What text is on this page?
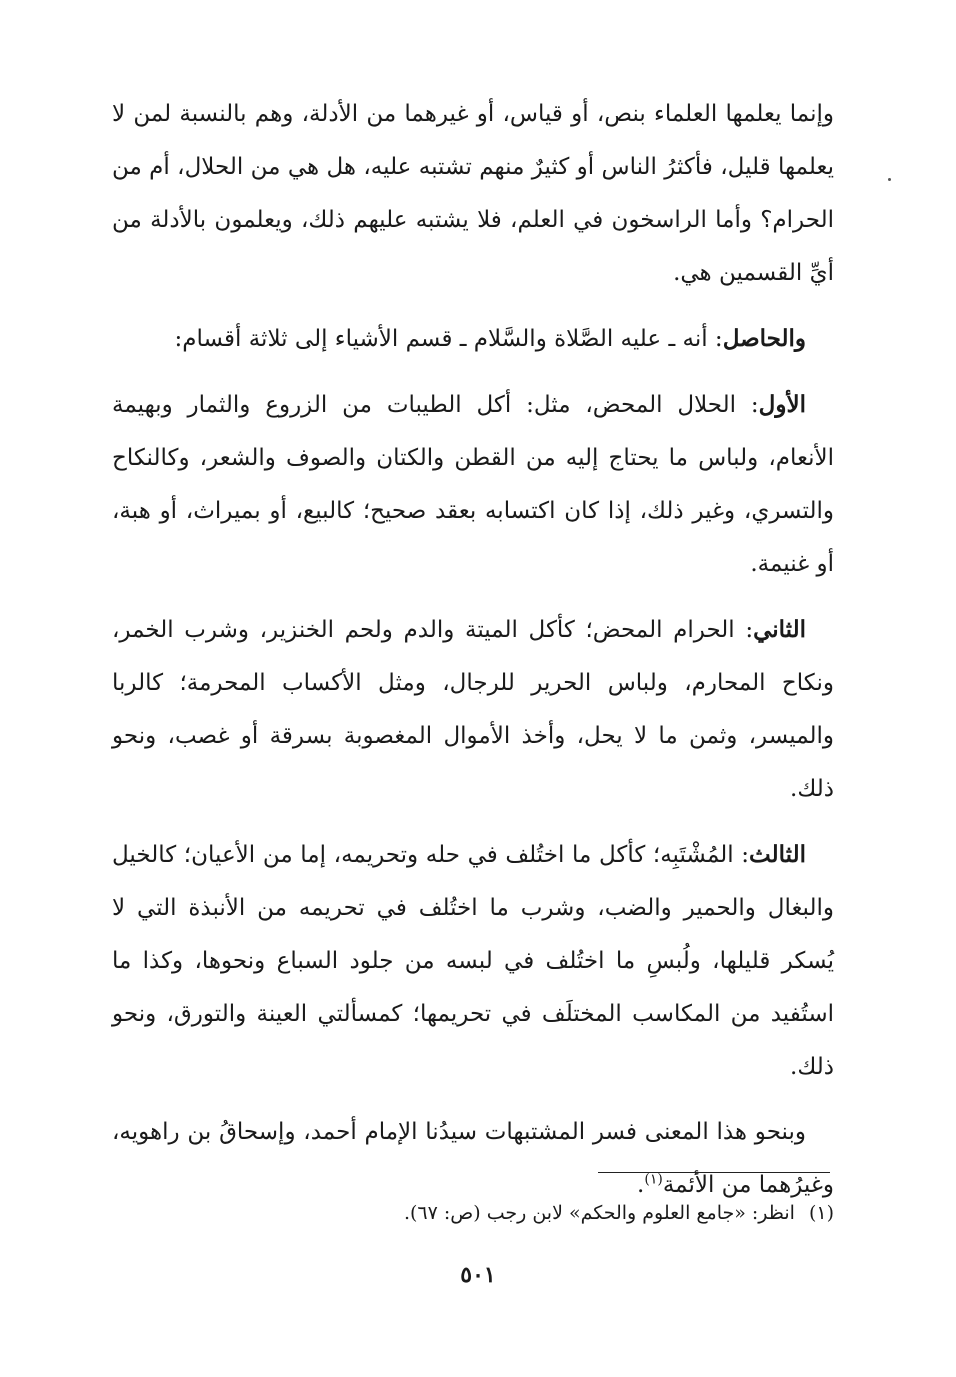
وإنما يعلمها العلماء بنص، أو قياس، أو غيرهما من الأدلة، وهم بالنسبة لمن لا يعلمها قليل، فأكثرُ الناس أو كثيرٌ منهم تشتبه عليه، هل هي من الحلال، أم من الحرام؟ وأما الراسخون في العلم، فلا يشتبه عليهم ذلك، ويعلمون بالأدلة من أيِّ القسمين هي.

والحاصل: أنه ـ عليه الصَّلاة والسَّلام ـ قسم الأشياء إلى ثلاثة أقسام:

الأول: الحلال المحض، مثل: أكل الطيبات من الزروع والثمار وبهيمة الأنعام، ولباس ما يحتاج إليه من القطن والكتان والصوف والشعر، وكالنكاح والتسري، وغير ذلك، إذا كان اكتسابه بعقد صحيح؛ كالبيع، أو بميراث، أو هبة، أو غنيمة.

الثاني: الحرام المحض؛ كأكل الميتة والدم ولحم الخنزير، وشرب الخمر، ونكاح المحارم، ولباس الحرير للرجال، ومثل الأكساب المحرمة؛ كالربا والميسر، وثمن ما لا يحل، وأخذ الأموال المغصوبة بسرقة أو غصب، ونحو ذلك.

الثالث: المُشْتَبِه؛ كأكل ما اختُلف في حله وتحريمه، إما من الأعيان؛ كالخيل والبغال والحمير والضب، وشرب ما اختُلف في تحريمه من الأنبذة التي لا يُسكر قليلها، ولُبسِ ما اختُلف في لبسه من جلود السباع ونحوها، وكذا ما استُفيد من المكاسب المختلَف في تحريمها؛ كمسألتي العينة والتورق، ونحو ذلك.

وبنحو هذا المعنى فسر المشتبهات سيدُنا الإمام أحمد، وإسحاقُ بن راهويه، وغيرُهما من الأئمة$^{(١)}$.

(١)انظر: «جامع العلوم والحكم» لابن رجب (ص: ٦٧).
٥٠١
